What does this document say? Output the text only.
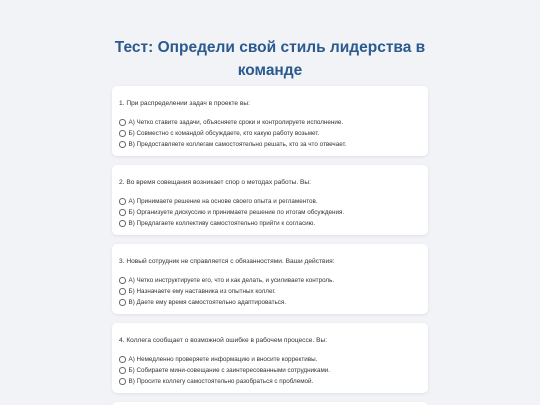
Тест: Определи свой стиль лидерства в
команде
1. При распределении задач в проекте вы:
А) Четко ставите задачи, объясняете сроки и контролируете исполнение.
Б) Совместно с командой обсуждаете, кто какую работу возьмет.
В) Предоставляете коллегам самостоятельно решать, кто за что отвечает.
2. Во время совещания возникает спор о методах работы. Вы:
А) Принимаете решение на основе своего опыта и регламентов.
Б) Организуете дискуссию и принимаете решение по итогам обсуждения.
В) Предлагаете коллективу самостоятельно прийти к согласию.
3. Новый сотрудник не справляется с обязанностями. Ваши действия:
А) Четко инструктируете его, что и как делать, и усиливаете контроль.
Б) Назначаете ему наставника из опытных коллег.
В) Даете ему время самостоятельно адаптироваться.
4. Коллега сообщает о возможной ошибке в рабочем процессе. Вы:
А) Немедленно проверяете информацию и вносите коррективы.
Б) Собираете мини-совещание с заинтересованными сотрудниками.
В) Просите коллегу самостоятельно разобраться с проблемой.
